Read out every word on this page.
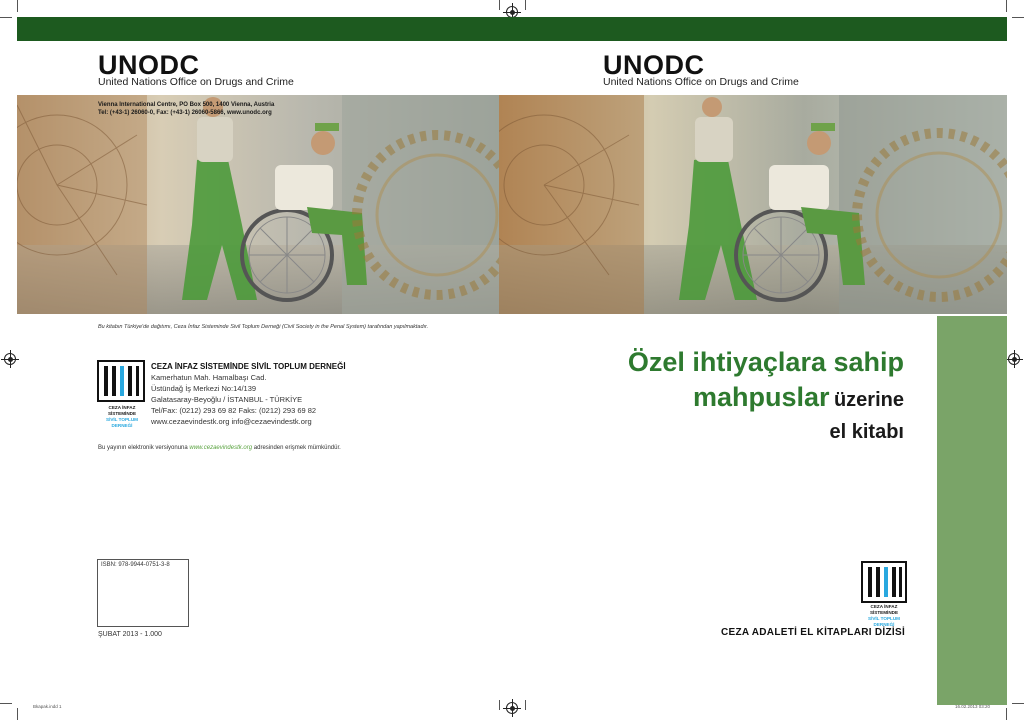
UNODC
United Nations Office on Drugs and Crime
UNODC
United Nations Office on Drugs and Crime
Vienna International Centre, PO Box 500, 1400 Vienna, Austria
Tel: (+43-1) 26060-0, Fax: (+43-1) 26060-5866, www.unodc.org
Bu kitabın Türkiye'de dağıtımı, Ceza İnfaz Sisteminde Sivil Toplum Derneği (Civil Society in the Penal System) tarafından yapılmaktadır.
CEZA İNFAZ SİSTEMİNDE
SİVİL TOPLUM DERNEĞİ
CEZA İNFAZ SİSTEMİNDE SİVİL TOPLUM DERNEĞİ
Kamerhatun Mah. Hamalbaşı Cad.
Üstündağ İş Merkezi No:14/139
Galatasaray-Beyoğlu / İSTANBUL - TÜRKİYE
Tel/Fax: (0212) 293 69 82 Faks: (0212) 293 69 82
www.cezaevindestk.org info@cezaevindestk.org
Bu yayının elektronik versiyonuna www.cezaevindestk.org adresinden erişmek mümkündür.
ISBN: 978-9944-0751-3-8
ŞUBAT 2013 - 1.000
Özel ihtiyaçlara sahip
mahpuslar üzerine
el kitabı
CEZA İNFAZ SİSTEMİNDE
SİVİL TOPLUM DERNEĞİ
CEZA ADALETİ EL KİTAPLARI DİZİSİ
Bkapak.indd 1	16.02.2013 03:20
